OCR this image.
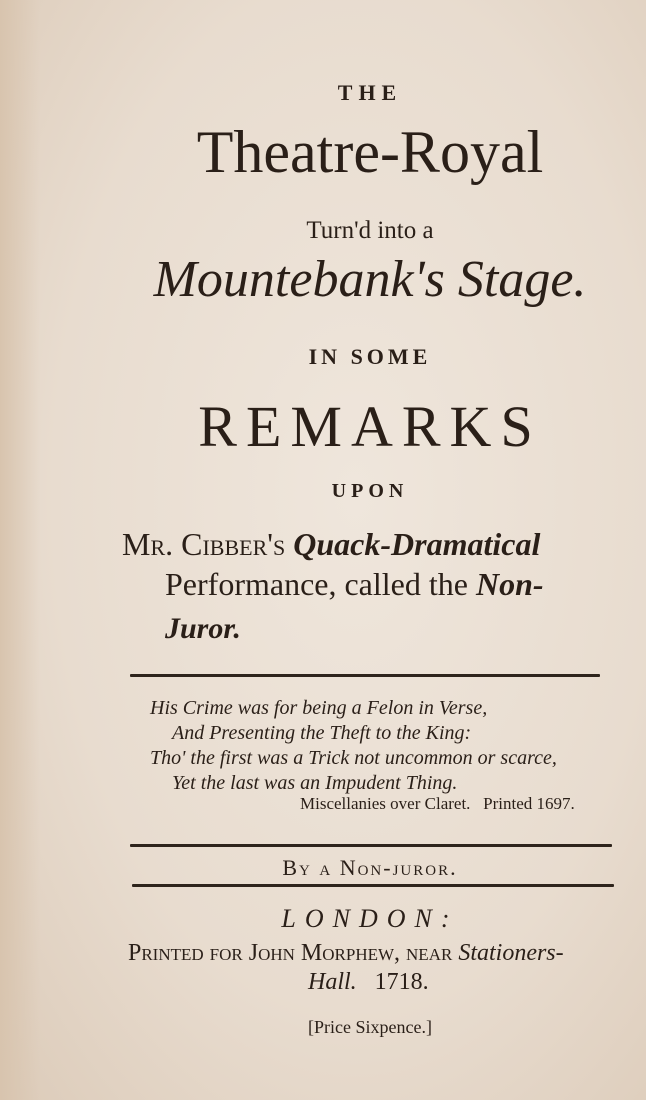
THE
Theatre-Royal
Turn'd into a
Mountebank's Stage.
IN SOME
REMARKS
UPON
Mr. Cibber's Quack-Dramatical
Performance, called the Non-
Juror.
His Crime was for being a Felon in Verse,
And Presenting the Theft to the King:
Tho' the first was a Trick not uncommon or scarce,
Yet the last was an Impudent Thing.
Miscellanies over Claret.   Printed 1697.
By a Non-juror.
LONDON:
Printed for John Morphew, near Stationers-
Hall. 1718.
[Price Sixpence.]
